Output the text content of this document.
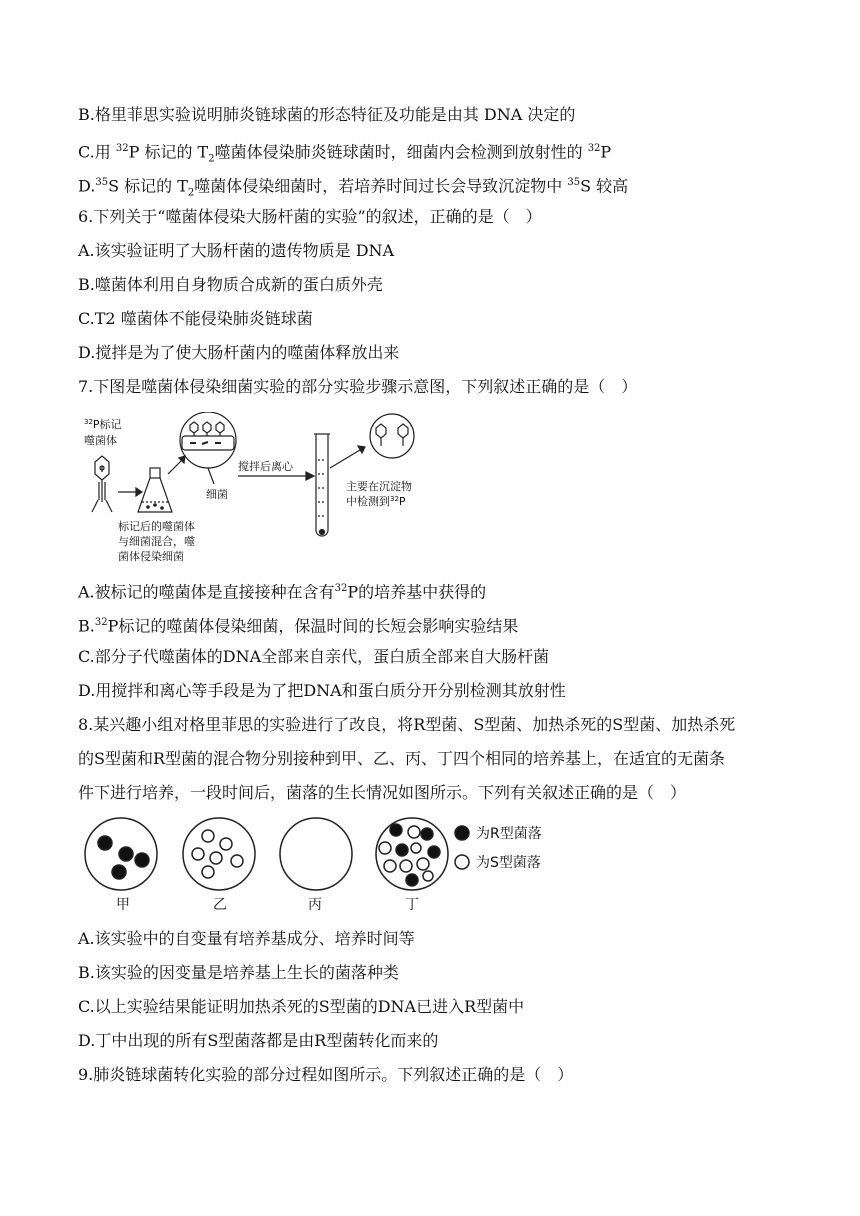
B.格里菲思实验说明肺炎链球菌的形态特征及功能是由其 DNA 决定的
C.用 $^{32}$P 标记的 $T_2$噬菌体侵染肺炎链球菌时，细菌内会检测到放射性的 $^{32}$P
D.$^{35}$S 标记的 $T_2$噬菌体侵染细菌时，若培养时间过长会导致沉淀物中 $^{35}$S 较高
6.下列关于“噬菌体侵染大肠杆菌的实验”的叙述，正确的是（　）
A.该实验证明了大肠杆菌的遗传物质是 DNA
B.噬菌体利用自身物质合成新的蛋白质外壳
C.T2 噬菌体不能侵染肺炎链球菌
D.搅拌是为了使大肠杆菌内的噬菌体释放出来
7.下图是噬菌体侵染细菌实验的部分实验步骤示意图，下列叙述正确的是（　）
$^{32}$P标记
噬菌体
细菌
搅拌后离心
主要在沉淀物
中检测到$^{32}$P
标记后的噬菌体
与细菌混合，噬
菌体侵染细菌
A.被标记的噬菌体是直接接种在含有$^{32}$P的培养基中获得的
B.$^{32}$P标记的噬菌体侵染细菌，保温时间的长短会影响实验结果
C.部分子代噬菌体的DNA全部来自亲代，蛋白质全部来自大肠杆菌
D.用搅拌和离心等手段是为了把DNA和蛋白质分开分别检测其放射性
8.某兴趣小组对格里菲思的实验进行了改良，将R型菌、S型菌、加热杀死的S型菌、加热杀死
的S型菌和R型菌的混合物分别接种到甲、乙、丙、丁四个相同的培养基上，在适宜的无菌条
件下进行培养，一段时间后，菌落的生长情况如图所示。下列有关叙述正确的是（　）
为R型菌落
为S型菌落
甲	乙	丙	丁
A.该实验中的自变量有培养基成分、培养时间等
B.该实验的因变量是培养基上生长的菌落种类
C.以上实验结果能证明加热杀死的S型菌的DNA已进入R型菌中
D.丁中出现的所有S型菌落都是由R型菌转化而来的
9.肺炎链球菌转化实验的部分过程如图所示。下列叙述正确的是（　）
